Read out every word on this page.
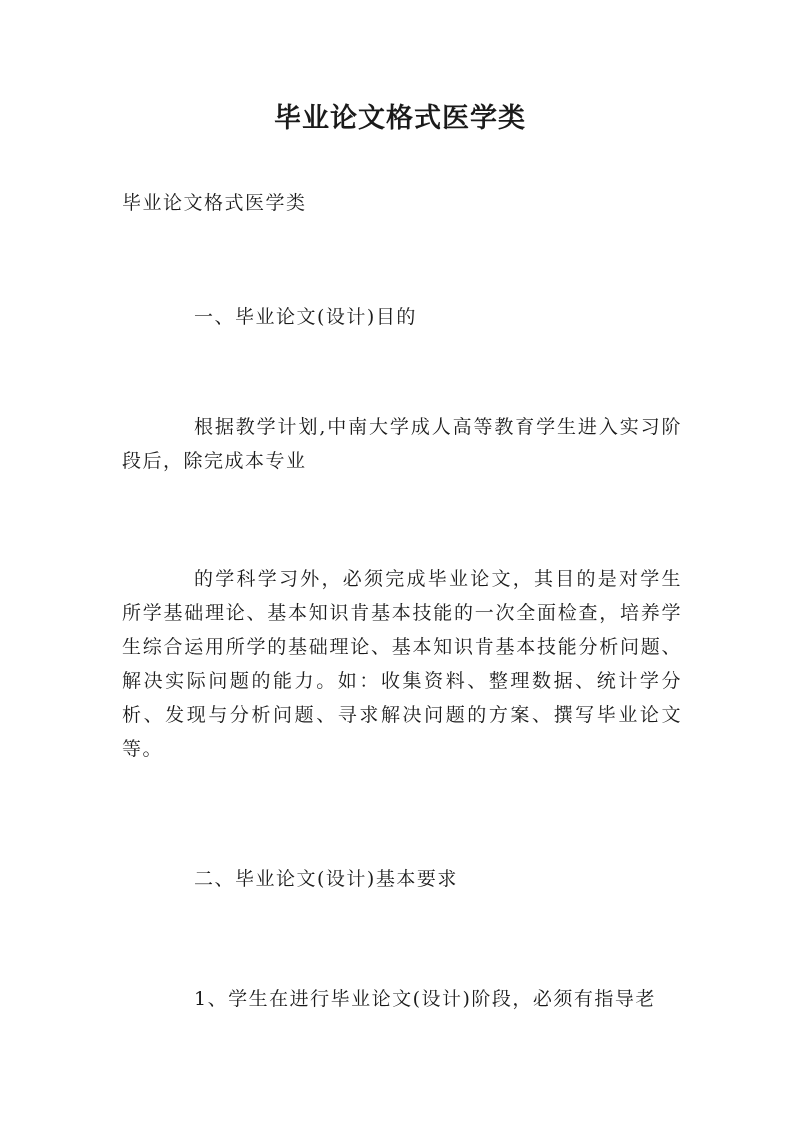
毕业论文格式医学类

毕业论文格式医学类

一、毕业论文(设计)目的

根据教学计划,中南大学成人高等教育学生进入实习阶段后，除完成本专业

的学科学习外，必须完成毕业论文，其目的是对学生所学基础理论、基本知识肯基本技能的一次全面检查，培养学生综合运用所学的基础理论、基本知识肯基本技能分析问题、解决实际问题的能力。如：收集资料、整理数据、统计学分析、发现与分析问题、寻求解决问题的方案、撰写毕业论文等。

二、毕业论文(设计)基本要求

1、学生在进行毕业论文(设计)阶段，必须有指导老
